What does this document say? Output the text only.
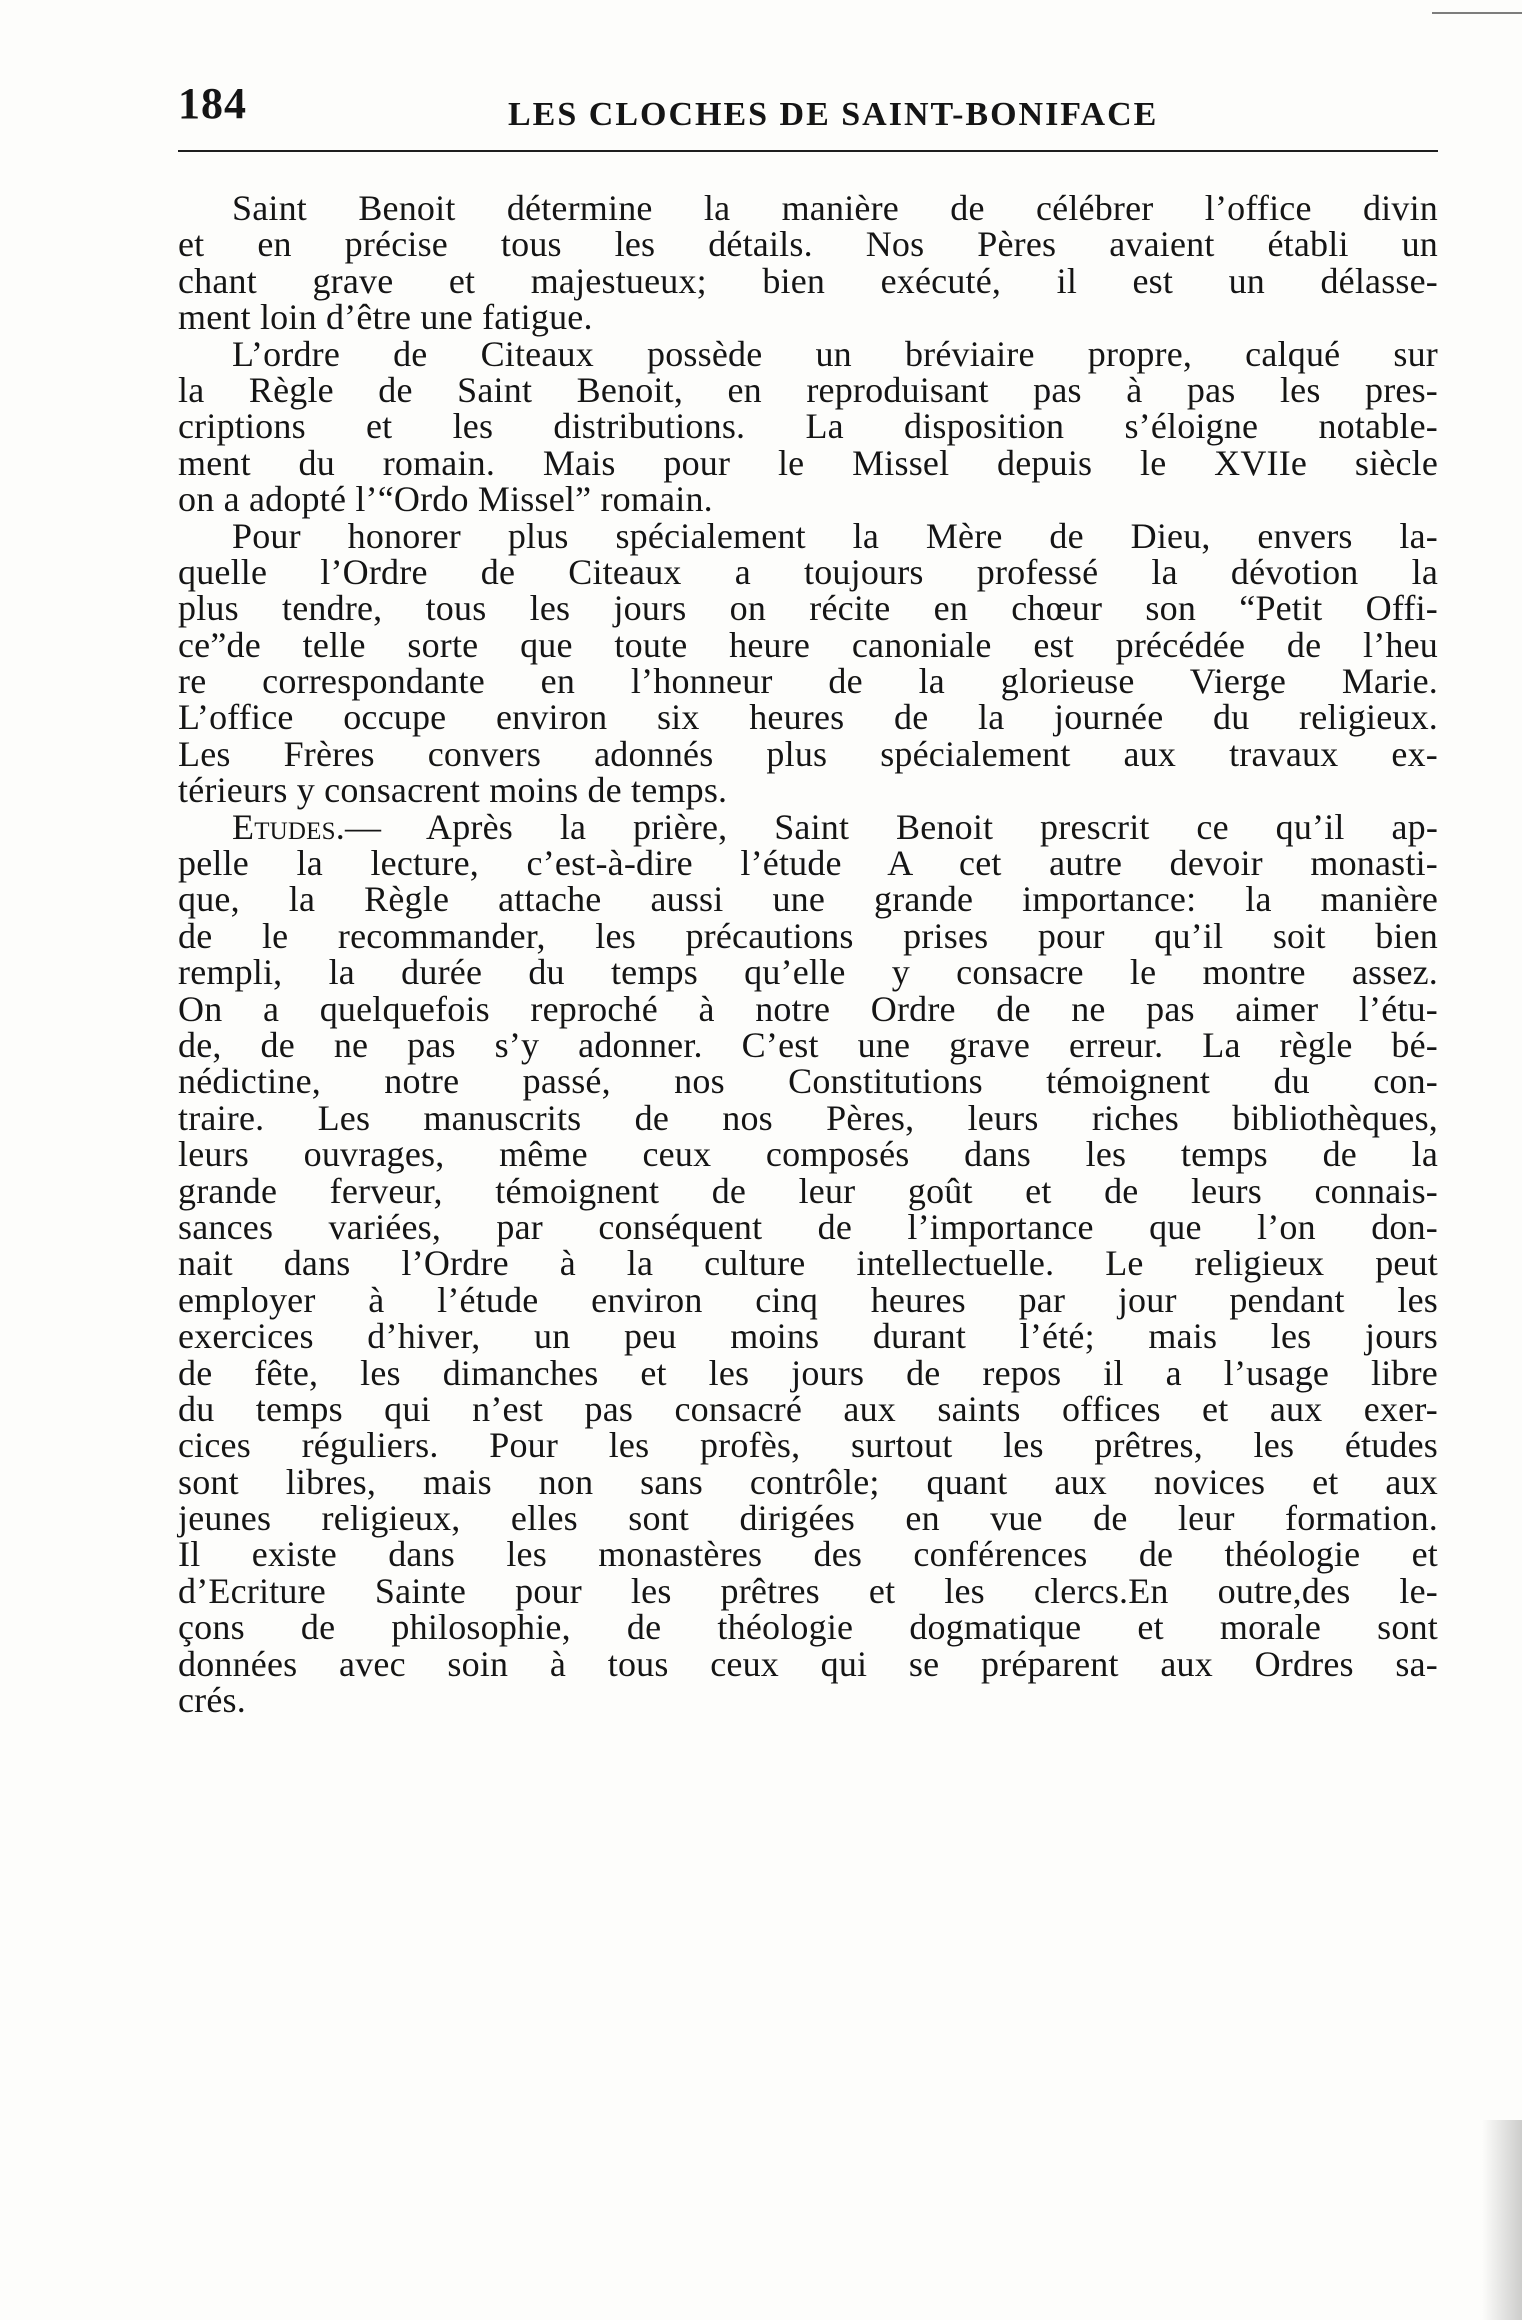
184	LES CLOCHES DE SAINT-BONIFACE
Saint Benoit détermine la manière de célébrer l’office divin
et en précise tous les détails. Nos Pères avaient établi un
chant grave et majestueux; bien exécuté, il est un délasse-
ment loin d’être une fatigue.
L’ordre de Citeaux possède un bréviaire propre, calqué sur
la Règle de Saint Benoit, en reproduisant pas à pas les pres-
criptions et les distributions. La disposition s’éloigne notable-
ment du romain. Mais pour le Missel depuis le XVIIe siècle
on a adopté l’“Ordo Missel” romain.
Pour honorer plus spécialement la Mère de Dieu, envers la-
quelle l’Ordre de Citeaux a toujours professé la dévotion la
plus tendre, tous les jours on récite en chœur son “Petit Offi-
ce”de telle sorte que toute heure canoniale est précédée de l’heu
re correspondante en l’honneur de la glorieuse Vierge Marie.
L’office occupe environ six heures de la journée du religieux.
Les Frères convers adonnés plus spécialement aux travaux ex-
térieurs y consacrent moins de temps.
Etudes.— Après la prière, Saint Benoit prescrit ce qu’il ap-
pelle la lecture, c’est-à-dire l’étude A cet autre devoir monasti-
que, la Règle attache aussi une grande importance: la manière
de le recommander, les précautions prises pour qu’il soit bien
rempli, la durée du temps qu’elle y consacre le montre assez.
On a quelquefois reproché à notre Ordre de ne pas aimer l’étu-
de, de ne pas s’y adonner. C’est une grave erreur. La règle bé-
nédictine, notre passé, nos Constitutions témoignent du con-
traire. Les manuscrits de nos Pères, leurs riches bibliothèques,
leurs ouvrages, même ceux composés dans les temps de la
grande ferveur, témoignent de leur goût et de leurs connais-
sances variées, par conséquent de l’importance que l’on don-
nait dans l’Ordre à la culture intellectuelle. Le religieux peut
employer à l’étude environ cinq heures par jour pendant les
exercices d’hiver, un peu moins durant l’été; mais les jours
de fête, les dimanches et les jours de repos il a l’usage libre
du temps qui n’est pas consacré aux saints offices et aux exer-
cices réguliers. Pour les profès, surtout les prêtres, les études
sont libres, mais non sans contrôle; quant aux novices et aux
jeunes religieux, elles sont dirigées en vue de leur formation.
Il existe dans les monastères des conférences de théologie et
d’Ecriture Sainte pour les prêtres et les clercs.En outre,des le-
çons de philosophie, de théologie dogmatique et morale sont
données avec soin à tous ceux qui se préparent aux Ordres sa-
crés.
